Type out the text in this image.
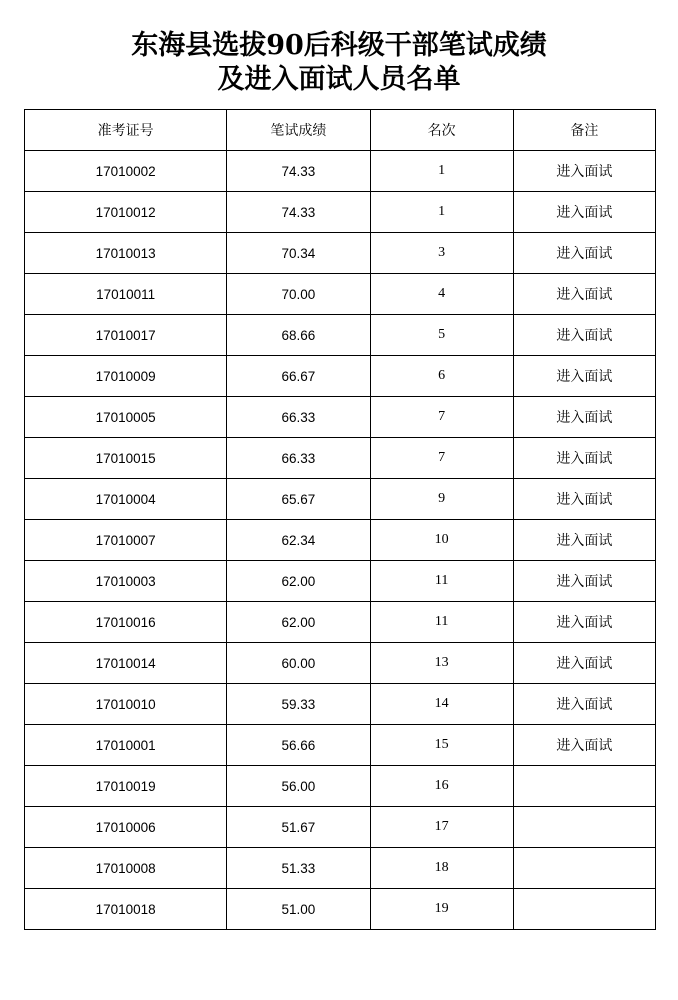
东海县选拔90后科级干部笔试成绩
及进入面试人员名单
准考证号	笔试成绩	名次	备注
17010002	74.33	1	进入面试
17010012	74.33	1	进入面试
17010013	70.34	3	进入面试
17010011	70.00	4	进入面试
17010017	68.66	5	进入面试
17010009	66.67	6	进入面试
17010005	66.33	7	进入面试
17010015	66.33	7	进入面试
17010004	65.67	9	进入面试
17010007	62.34	10	进入面试
17010003	62.00	11	进入面试
17010016	62.00	11	进入面试
17010014	60.00	13	进入面试
17010010	59.33	14	进入面试
17010001	56.66	15	进入面试
17010019	56.00	16	
17010006	51.67	17	
17010008	51.33	18	
17010018	51.00	19	
